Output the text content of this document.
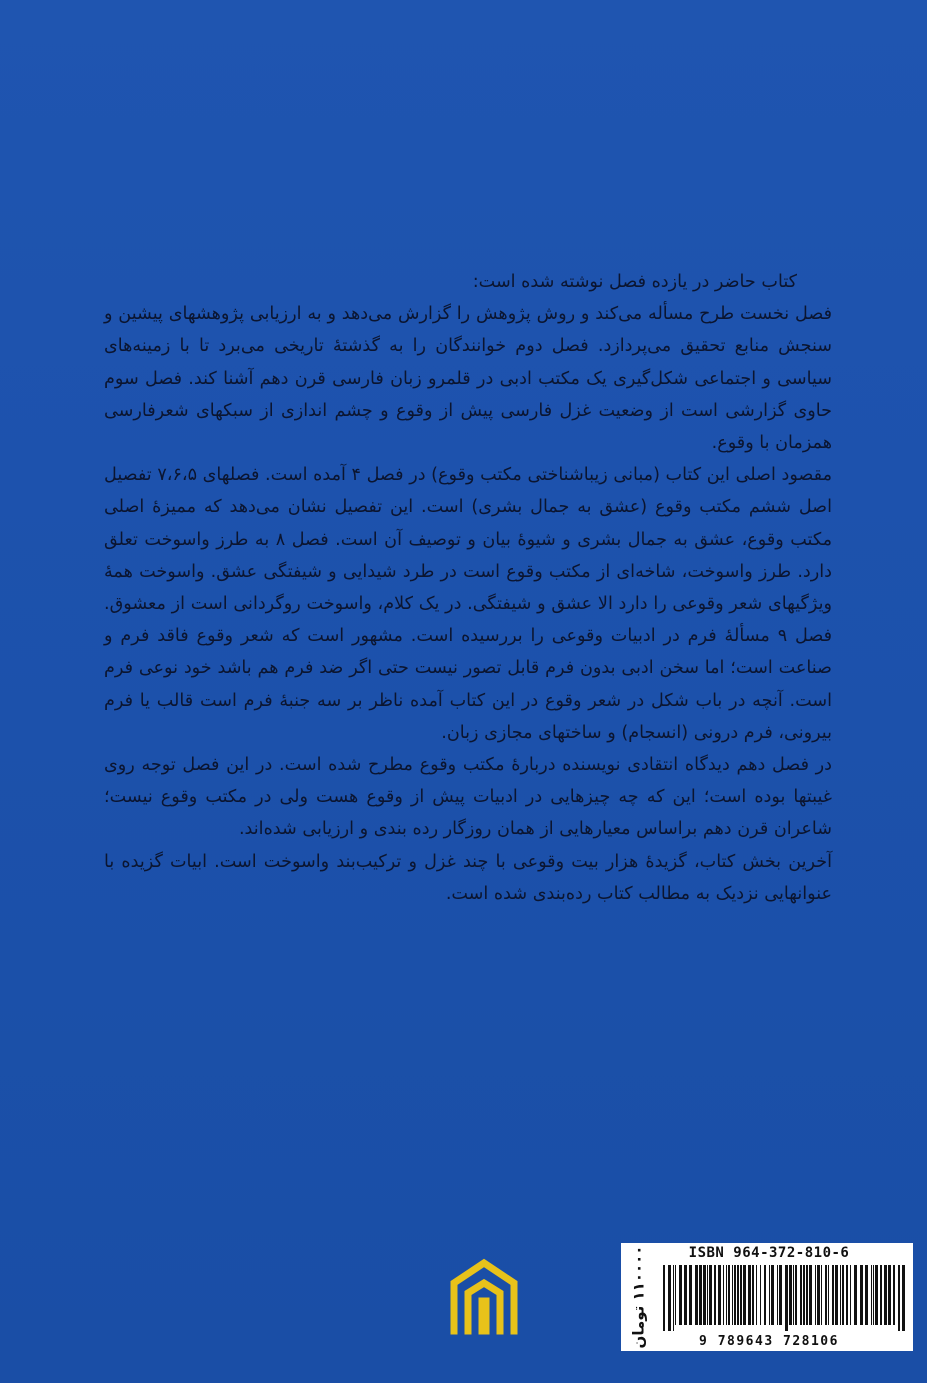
کتاب حاضر در یازده فصل نوشته شده است:

فصل نخست طرح مسأله می‌کند و روش پژوهش را گزارش می‌دهد و به ارزیابی پژوهشهای پیشین و سنجش منابع تحقیق می‌پردازد. فصل دوم خوانندگان را به گذشتهٔ تاریخی می‌برد تا با زمینه‌های سیاسی و اجتماعی شکل‌گیری یک مکتب ادبی در قلمرو زبان فارسی قرن دهم آشنا کند. فصل سوم حاوی گزارشی است از وضعیت غزل فارسی پیش از وقوع و چشم اندازی از سبکهای شعرفارسی همزمان با وقوع.

مقصود اصلی این کتاب (مبانی زیباشناختی مکتب وقوع) در فصل ۴ آمده است. فصلهای ۷،۶،۵ تفصیل اصل ششم مکتب وقوع (عشق به جمال بشری) است. این تفصیل نشان می‌دهد که ممیزهٔ اصلی مکتب وقوع، عشق به جمال بشری و شیوهٔ بیان و توصیف آن است. فصل ۸ به طرز واسوخت تعلق دارد. طرز واسوخت، شاخه‌ای از مکتب وقوع است در طرد شیدایی و شیفتگی عشق. واسوخت همهٔ ویژگیهای شعر وقوعی را دارد الا عشق و شیفتگی. در یک کلام، واسوخت روگردانی است از معشوق. فصل ۹ مسألهٔ فرم در ادبیات وقوعی را بررسیده است. مشهور است که شعر وقوع فاقد فرم و صناعت است؛ اما سخن ادبی بدون فرم قابل تصور نیست حتی اگر ضد فرم هم باشد خود نوعی فرم است. آنچه در باب شکل در شعر وقوع در این کتاب آمده ناظر بر سه جنبهٔ فرم است قالب یا فرم بیرونی، فرم درونی (انسجام) و ساختهای مجازی زبان.

در فصل دهم دیدگاه انتقادی نویسنده دربارهٔ مکتب وقوع مطرح شده است. در این فصل توجه روی غیبتها بوده است؛ این که چه چیزهایی در ادبیات پیش از وقوع هست ولی در مکتب وقوع نیست؛ شاعران قرن دهم براساس معیارهایی از همان روزگار رده بندی و ارزیابی شده‌اند.

آخرین بخش کتاب، گزیدهٔ هزار بیت وقوعی با چند غزل و ترکیب‌بند واسوخت است. ابیات گزیده با عنوانهایی نزدیک به مطالب کتاب رده‌بندی شده است.

ISBN 964-372-810-6
9 789643 728106
۱۱۰۰۰۰ تومان
